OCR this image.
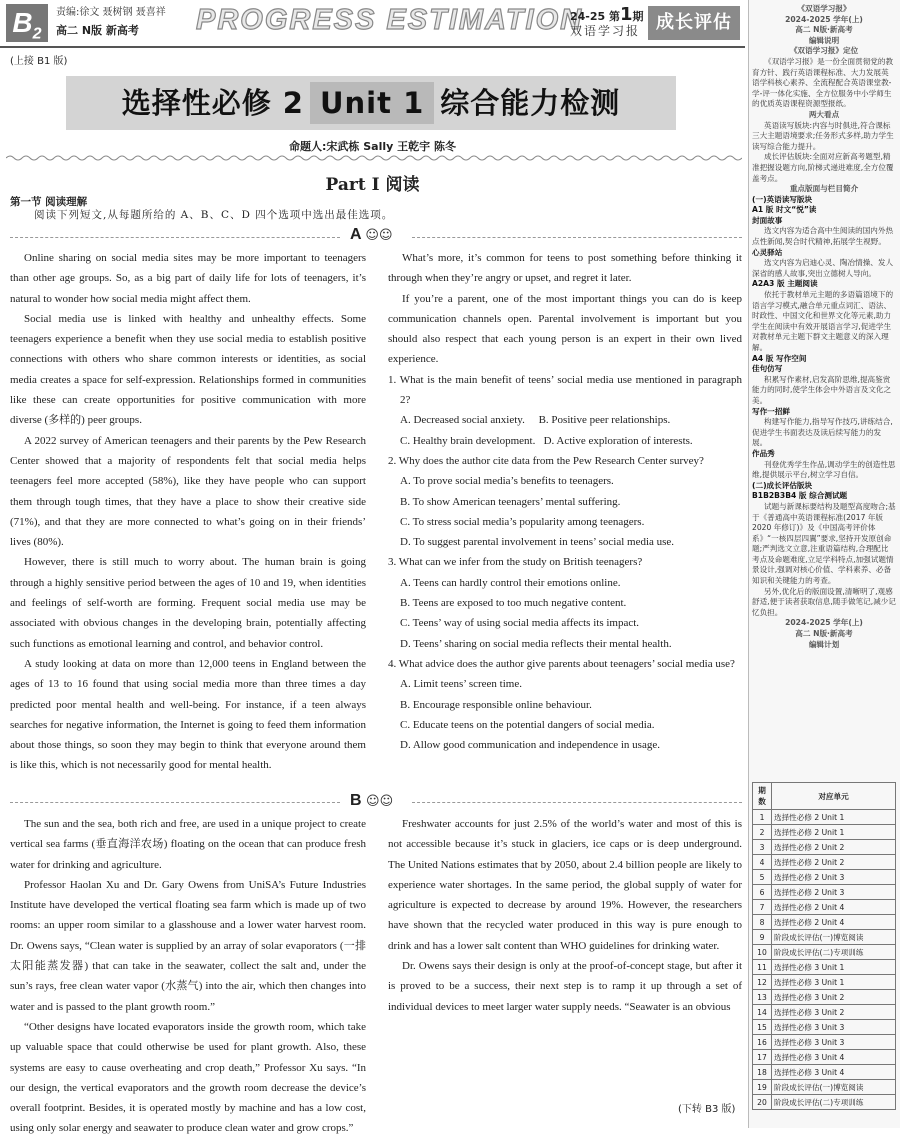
$B_2$
责编:徐文 聂树钢 聂喜祥
高二 N版 新高考 PROGRESS ESTIMATION
24-25 第1期
双语学习报 成长评估
(上接 B1 版)
选择性必修 2 Unit 1 综合能力检测
命题人:宋武栋 Sally 王乾宇 陈冬
Part Ⅰ 阅读
第一节 阅读理解
阅读下列短文,从每题所给的 A、B、C、D 四个选项中选出最佳选项。
A ☺☺

Online sharing on social media sites may be more important to teenagers than other age groups. So, as a big part of daily life for lots of teenagers, it’s natural to wonder how social media might affect them.

Social media use is linked with healthy and unhealthy effects. Some teenagers experience a benefit when they use social media to establish positive connections with others who share common interests or identities, as social media creates a space for self-expression. Relationships formed in communities like these can create opportunities for positive communication with more diverse (多样的) peer groups.

A 2022 survey of American teenagers and their parents by the Pew Research Center showed that a majority of respondents felt that social media helps teenagers feel more accepted (58%), like they have people who can support them through tough times, that they have a place to show their creative side (71%), and that they are more connected to what’s going on in their friends’ lives (80%).

However, there is still much to worry about. The human brain is going through a highly sensitive period between the ages of 10 and 19, when identities and feelings of self-worth are forming. Frequent social media use may be associated with obvious changes in the developing brain, potentially affecting such functions as emotional learning and control, and behavior control.

A study looking at data on more than 12,000 teens in England between the ages of 13 to 16 found that using social media more than three times a day predicted poor mental health and well-being. For instance, if a teen always searches for negative information, the Internet is going to feed them information about those things, so soon they may begin to think that everyone around them is like this, which is not necessarily good for mental health.

What’s more, it’s common for teens to post something before thinking it through when they’re angry or upset, and regret it later.

If you’re a parent, one of the most important things you can do is keep communication channels open. Parental involvement is important but you should also respect that each young person is an expert in their own lived experience.

1. What is the main benefit of teens’ social media use mentioned in paragraph 2?

A. Decreased social anxiety. B. Positive peer relationships.

C. Healthy brain development. D. Active exploration of interests.

2. Why does the author cite data from the Pew Research Center survey?

A. To prove social media’s benefits to teenagers.

B. To show American teenagers’ mental suffering.

C. To stress social media’s popularity among teenagers.

D. To suggest parental involvement in teens’ social media use.

3. What can we infer from the study on British teenagers?

A. Teens can hardly control their emotions online.

B. Teens are exposed to too much negative content.

C. Teens’ way of using social media affects its impact.

D. Teens’ sharing on social media reflects their mental health.

4. What advice does the author give parents about teenagers’ social media use?

A. Limit teens’ screen time.

B. Encourage responsible online behaviour.

C. Educate teens on the potential dangers of social media.

D. Allow good communication and independence in usage.

B ☺☺

The sun and the sea, both rich and free, are used in a unique project to create vertical sea farms (垂直海洋农场) floating on the ocean that can produce fresh water for drinking and agriculture.

Professor Haolan Xu and Dr. Gary Owens from UniSA’s Future Industries Institute have developed the vertical floating sea farm which is made up of two rooms: an upper room similar to a glasshouse and a lower water harvest room. Dr. Owens says, “Clean water is supplied by an array of solar evaporators (一排太阳能蒸发器) that can take in the seawater, collect the salt and, under the sun’s rays, free clean water vapor (水蒸气) into the air, which then changes into water and is passed to the plant growth room.”

“Other designs have located evaporators inside the growth room, which take up valuable space that could otherwise be used for plant growth. Also, these systems are easy to cause overheating and crop death,” Professor Xu says. “In our design, the vertical evaporators and the growth room decrease the device’s overall footprint. Besides, it is operated mostly by machine and has a low cost, using only solar energy and seawater to produce clean water and grow crops.”

Freshwater accounts for just 2.5% of the world’s water and most of this is not accessible because it’s stuck in glaciers, ice caps or is deep underground. The United Nations estimates that by 2050, about 2.4 billion people are likely to experience water shortages. In the same period, the global supply of water for agriculture is expected to decrease by around 19%. However, the researchers have shown that the recycled water produced in this way is pure enough to drink and has a lower salt content than WHO guidelines for drinking water.

Dr. Owens says their design is only at the proof-of-concept stage, but after it is proved to be a success, their next step is to ramp it up through a set of individual devices to meet larger water supply needs. “Seawater is an obvious

(下转 B3 版)
《双语学习报》
2024-2025 学年(上)
高二 N版·新高考
编辑说明
《双语学习报》定位
《双语学习报》是一份全面贯彻党的教育方针、践行英语课程标准、大力发展英语学科核心素养、全流程配合英语课堂教-学-评一体化实施、全方位服务中小学师生的优质英语课程资源型报纸。
两大看点
英语读写版块:内容与时俱进,符合课标三大主题语境要求;任务形式多样,助力学生读写综合能力提升。
成长评估版块:全面对应新高考题型,精准把握设题方向,阶梯式递进难度,全方位覆盖考点。
重点版面与栏目简介
(一)英语读写版块
A1 版 时文“悦”读
封面故事
选文内容为适合高中生阅读的国内外热点性新闻,契合时代精神,拓展学生视野。
心灵驿站
选文内容为启迪心灵、陶冶情操、发人深省的感人故事,突出立德树人导向。
A2A3 版 主题阅读
依托于教材单元主题的多语篇语境下的语言学习模式,融合单元重点词汇、语法、时政性、中国文化和世界文化等元素,助力学生在阅读中有效开展语言学习,促进学生对教材单元主题下群文主题意义的深入理解。
A4 版 写作空间
佳句仿写
积累写作素材,启发高阶思维,提高鉴赏能力的同时,使学生体会中外语言及文化之美。
写作一招鲜
构建写作能力,指导写作技巧,讲练结合,促进学生书面表达及读后续写能力的发展。
作品秀
刊登优秀学生作品,调动学生的创造性思维,提供展示平台,树立学习自信。
(二)成长评估版块
B1B2B3B4 版 综合测试题
试题与新课标要结构及题型高度吻合;基于《普通高中英语课程标准(2017 年版 2020 年修订)》及《中国高考评价体系》“一核四层四翼”要求,坚持开发原创命题;严判选文立意,注重语篇结构,合理配比考点及命题难度,立足学科特点,加强试题情景设计,强调对核心价值、学科素养、必备知识和关键能力的考查。
另外,优化后的版面设置,清晰明了,观感舒适,便于读者获取信息,随手做笔记,减少记忆负担。
2024-2025 学年(上)
高二 N版·新高考
编辑计划
期数	对应单元
1	选择性必修 2 Unit 1
2	选择性必修 2 Unit 1
3	选择性必修 2 Unit 2
4	选择性必修 2 Unit 2
5	选择性必修 2 Unit 3
6	选择性必修 2 Unit 3
7	选择性必修 2 Unit 4
8	选择性必修 2 Unit 4
9	阶段成长评估(一)博览阅读
10	阶段成长评估(二)专项训练
11	选择性必修 3 Unit 1
12	选择性必修 3 Unit 1
13	选择性必修 3 Unit 2
14	选择性必修 3 Unit 2
15	选择性必修 3 Unit 3
16	选择性必修 3 Unit 3
17	选择性必修 3 Unit 4
18	选择性必修 3 Unit 4
19	阶段成长评估(一)博览阅读
20	阶段成长评估(二)专项训练
